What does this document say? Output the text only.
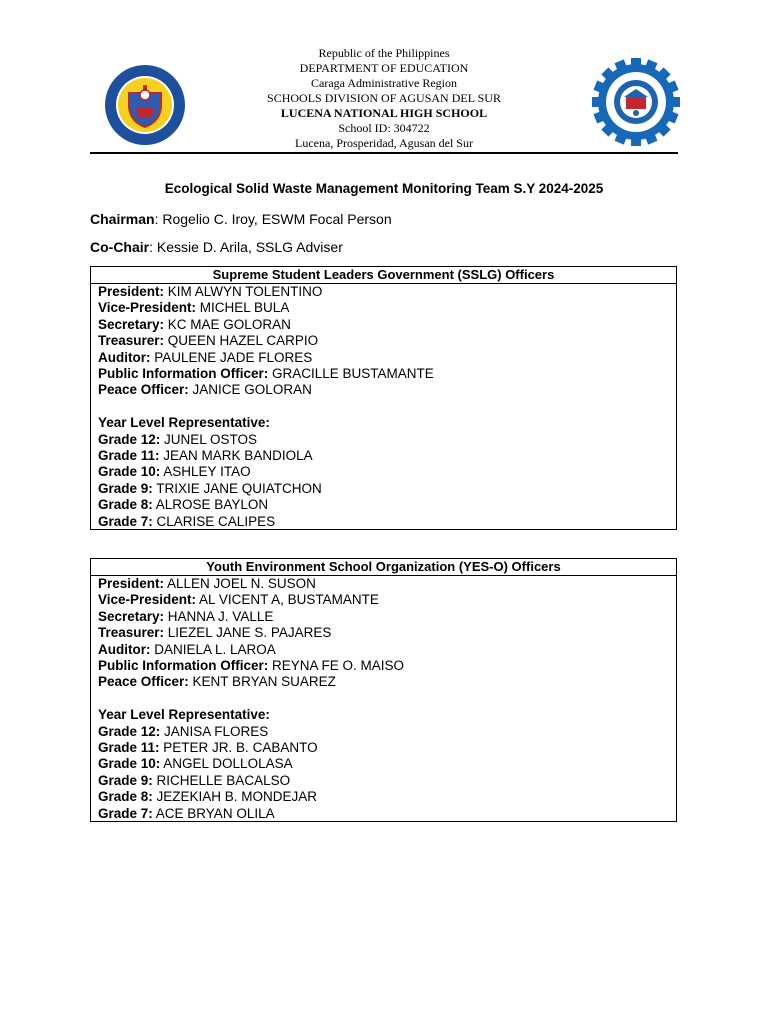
Republic of the Philippines
DEPARTMENT OF EDUCATION
Caraga Administrative Region
SCHOOLS DIVISION OF AGUSAN DEL SUR
LUCENA NATIONAL HIGH SCHOOL
School ID: 304722
Lucena, Prosperidad, Agusan del Sur
Ecological Solid Waste Management Monitoring Team S.Y 2024-2025
Chairman: Rogelio C. Iroy, ESWM Focal Person
Co-Chair: Kessie D. Arila, SSLG Adviser
Supreme Student Leaders Government (SSLG) Officers
President: KIM ALWYN TOLENTINO
Vice-President: MICHEL BULA
Secretary: KC MAE GOLORAN
Treasurer: QUEEN HAZEL CARPIO
Auditor: PAULENE JADE FLORES
Public Information Officer: GRACILLE BUSTAMANTE
Peace Officer: JANICE GOLORAN
Year Level Representative:
Grade 12: JUNEL OSTOS
Grade 11: JEAN MARK BANDIOLA
Grade 10: ASHLEY ITAO
Grade 9: TRIXIE JANE QUIATCHON
Grade 8: ALROSE BAYLON
Grade 7: CLARISE CALIPES
Youth Environment School Organization (YES-O) Officers
President: ALLEN JOEL N. SUSON
Vice-President: AL VICENT A, BUSTAMANTE
Secretary: HANNA J. VALLE
Treasurer: LIEZEL JANE S. PAJARES
Auditor: DANIELA L. LAROA
Public Information Officer: REYNA FE O. MAISO
Peace Officer: KENT BRYAN SUAREZ
Year Level Representative:
Grade 12: JANISA FLORES
Grade 11: PETER JR. B. CABANTO
Grade 10: ANGEL DOLLOLASA
Grade 9: RICHELLE BACALSO
Grade 8: JEZEKIAH B. MONDEJAR
Grade 7: ACE BRYAN OLILA
